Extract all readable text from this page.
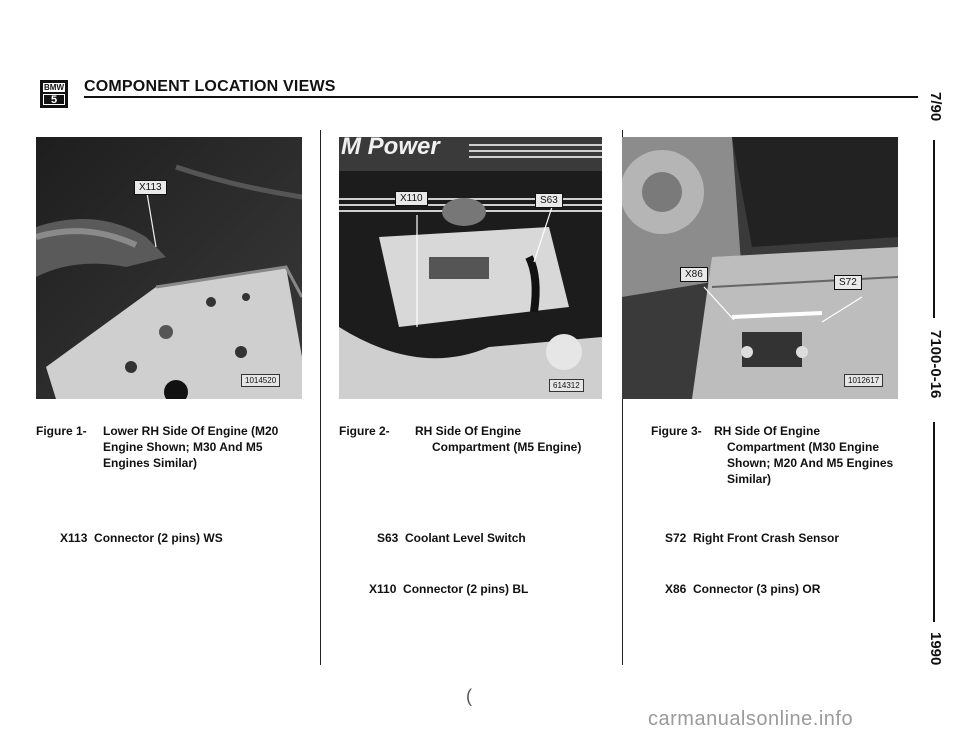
BMW
5
COMPONENT LOCATION VIEWS
X113
1014520
M Power
X110	S63
614312
X86
S72
1012617
Figure 1- Lower RH Side Of Engine (M20
Engine Shown; M30 And M5
Engines Similar)
Figure 2- RH Side Of Engine
Compartment (M5 Engine)
Figure 3- RH Side Of Engine
Compartment (M30 Engine
Shown; M20 And M5 Engines
Similar)

X113  Connector (2 pins) WS

	S63  Coolant Level Switch

X110  Connector (2 pins) BL

S72  Right Front Crash Sensor

X86  Connector (3 pins) OR

7/90
7100-0-16
1990
(
carmanualsonline.info
